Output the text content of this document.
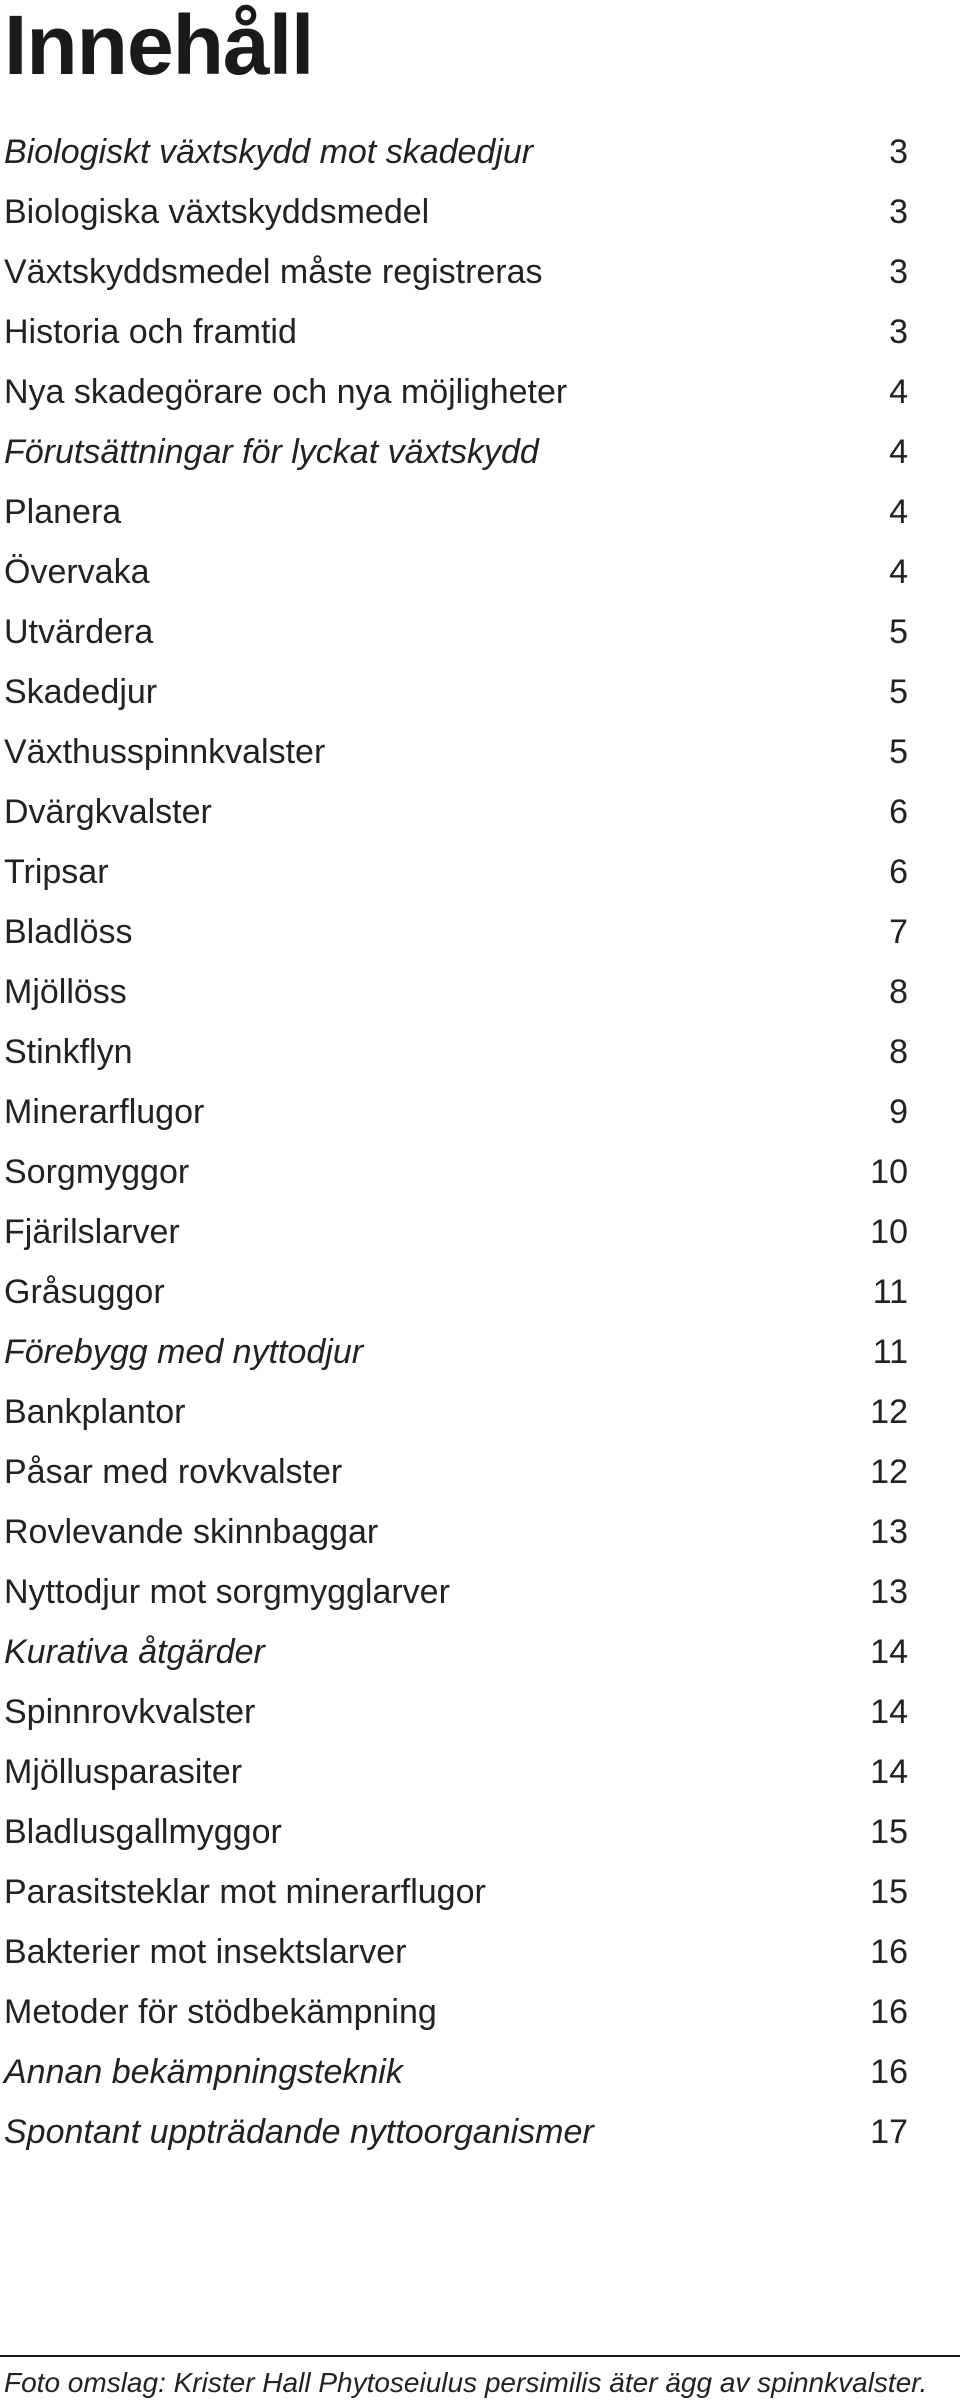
Innehåll
Biologiskt växtskydd mot skadedjur	3
Biologiska växtskyddsmedel	3
Växtskyddsmedel måste registreras	3
Historia och framtid	3
Nya skadegörare och nya möjligheter	4
Förutsättningar för lyckat växtskydd	4
Planera	4
Övervaka	4
Utvärdera	5
Skadedjur	5
Växthusspinnkvalster	5
Dvärgkvalster	6
Tripsar	6
Bladlöss	7
Mjöllöss	8
Stinkflyn	8
Minerarflugor	9
Sorgmyggor	10
Fjärilslarver	10
Gråsuggor	11
Förebygg med nyttodjur	11
Bankplantor	12
Påsar med rovkvalster	12
Rovlevande skinnbaggar	13
Nyttodjur mot sorgmygglarver	13
Kurativa åtgärder	14
Spinnrovkvalster	14
Mjöllusparasiter	14
Bladlusgallmyggor	15
Parasitsteklar mot minerarflugor	15
Bakterier mot insektslarver	16
Metoder för stödbekämpning	16
Annan bekämpningsteknik	16
Spontant uppträdande nyttoorganismer	17
Foto omslag: Krister Hall Phytoseiulus persimilis äter ägg av spinnkvalster.
